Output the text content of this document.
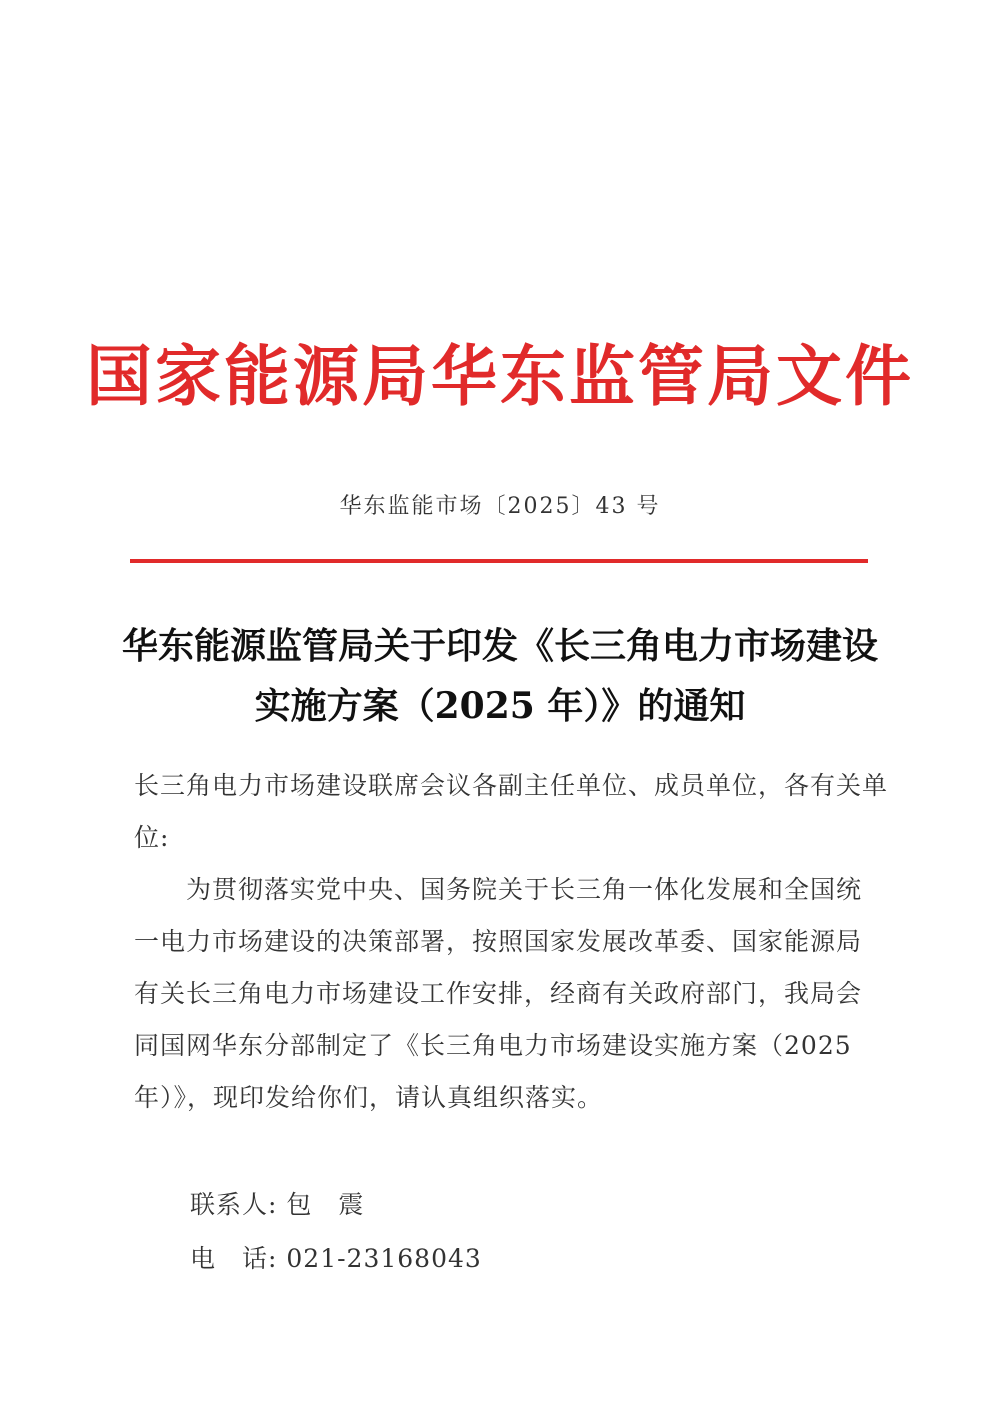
国家能源局华东监管局文件
华东监能市场〔2025〕43 号
华东能源监管局关于印发《长三角电力市场建设
实施方案（2025 年）》的通知
长三角电力市场建设联席会议各副主任单位、成员单位，各有关单
位:
　　为贯彻落实党中央、国务院关于长三角一体化发展和全国统
一电力市场建设的决策部署，按照国家发展改革委、国家能源局
有关长三角电力市场建设工作安排，经商有关政府部门，我局会
同国网华东分部制定了《长三角电力市场建设实施方案（2025
年）》，现印发给你们，请认真组织落实。
联系人: 包　震
电　话: 021-23168043
